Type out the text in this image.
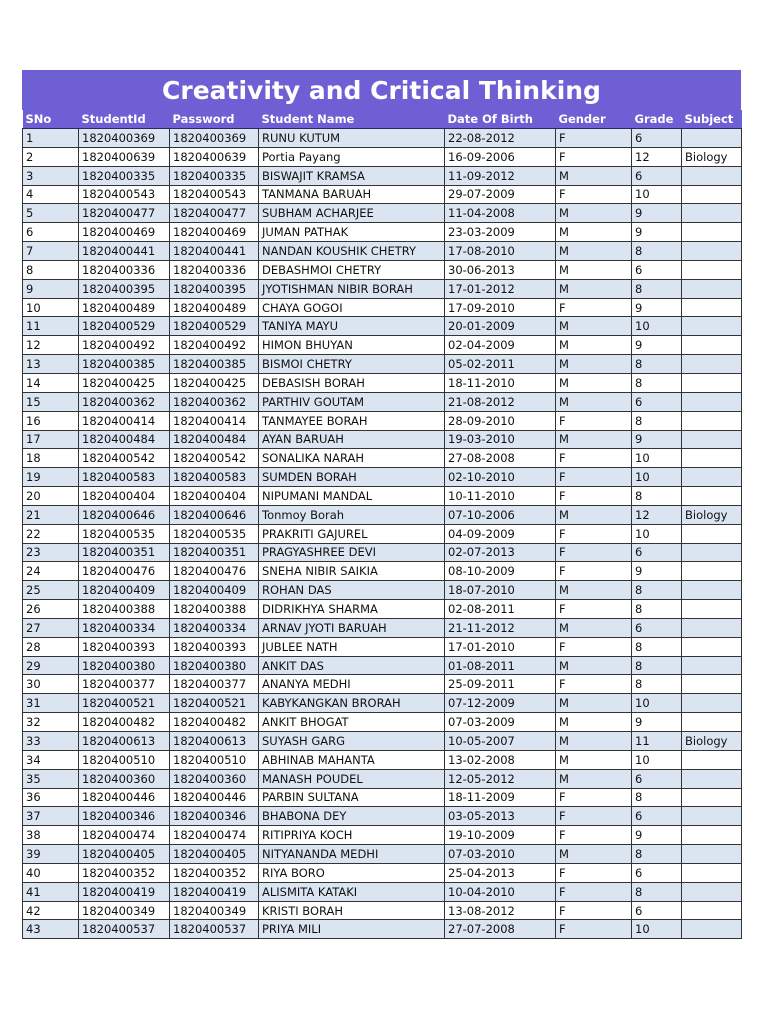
Creativity and Critical Thinking
SNo	StudentId	Password	Student Name	Date Of Birth	Gender	Grade	Subject
1	1820400369	1820400369	RUNU KUTUM	22-08-2012	F	6	
2	1820400639	1820400639	Portia Payang	16-09-2006	F	12	Biology
3	1820400335	1820400335	BISWAJIT KRAMSA	11-09-2012	M	6	
4	1820400543	1820400543	TANMANA BARUAH	29-07-2009	F	10	
5	1820400477	1820400477	SUBHAM ACHARJEE	11-04-2008	M	9	
6	1820400469	1820400469	JUMAN PATHAK	23-03-2009	M	9	
7	1820400441	1820400441	NANDAN KOUSHIK CHETRY	17-08-2010	M	8	
8	1820400336	1820400336	DEBASHMOI CHETRY	30-06-2013	M	6	
9	1820400395	1820400395	JYOTISHMAN NIBIR BORAH	17-01-2012	M	8	
10	1820400489	1820400489	CHAYA GOGOI	17-09-2010	F	9	
11	1820400529	1820400529	TANIYA MAYU	20-01-2009	M	10	
12	1820400492	1820400492	HIMON BHUYAN	02-04-2009	M	9	
13	1820400385	1820400385	BISMOI CHETRY	05-02-2011	M	8	
14	1820400425	1820400425	DEBASISH BORAH	18-11-2010	M	8	
15	1820400362	1820400362	PARTHIV GOUTAM	21-08-2012	M	6	
16	1820400414	1820400414	TANMAYEE BORAH	28-09-2010	F	8	
17	1820400484	1820400484	AYAN BARUAH	19-03-2010	M	9	
18	1820400542	1820400542	SONALIKA NARAH	27-08-2008	F	10	
19	1820400583	1820400583	SUMDEN BORAH	02-10-2010	F	10	
20	1820400404	1820400404	NIPUMANI MANDAL	10-11-2010	F	8	
21	1820400646	1820400646	Tonmoy Borah	07-10-2006	M	12	Biology
22	1820400535	1820400535	PRAKRITI GAJUREL	04-09-2009	F	10	
23	1820400351	1820400351	PRAGYASHREE DEVI	02-07-2013	F	6	
24	1820400476	1820400476	SNEHA NIBIR SAIKIA	08-10-2009	F	9	
25	1820400409	1820400409	ROHAN DAS	18-07-2010	M	8	
26	1820400388	1820400388	DIDRIKHYA SHARMA	02-08-2011	F	8	
27	1820400334	1820400334	ARNAV JYOTI BARUAH	21-11-2012	M	6	
28	1820400393	1820400393	JUBLEE NATH	17-01-2010	F	8	
29	1820400380	1820400380	ANKIT DAS	01-08-2011	M	8	
30	1820400377	1820400377	ANANYA MEDHI	25-09-2011	F	8	
31	1820400521	1820400521	KABYKANGKAN BRORAH	07-12-2009	M	10	
32	1820400482	1820400482	ANKIT BHOGAT	07-03-2009	M	9	
33	1820400613	1820400613	SUYASH GARG	10-05-2007	M	11	Biology
34	1820400510	1820400510	ABHINAB MAHANTA	13-02-2008	M	10	
35	1820400360	1820400360	MANASH POUDEL	12-05-2012	M	6	
36	1820400446	1820400446	PARBIN SULTANA	18-11-2009	F	8	
37	1820400346	1820400346	BHABONA DEY	03-05-2013	F	6	
38	1820400474	1820400474	RITIPRIYA KOCH	19-10-2009	F	9	
39	1820400405	1820400405	NITYANANDA MEDHI	07-03-2010	M	8	
40	1820400352	1820400352	RIYA BORO	25-04-2013	F	6	
41	1820400419	1820400419	ALISMITA KATAKI	10-04-2010	F	8	
42	1820400349	1820400349	KRISTI BORAH	13-08-2012	F	6	
43	1820400537	1820400537	PRIYA MILI	27-07-2008	F	10	
